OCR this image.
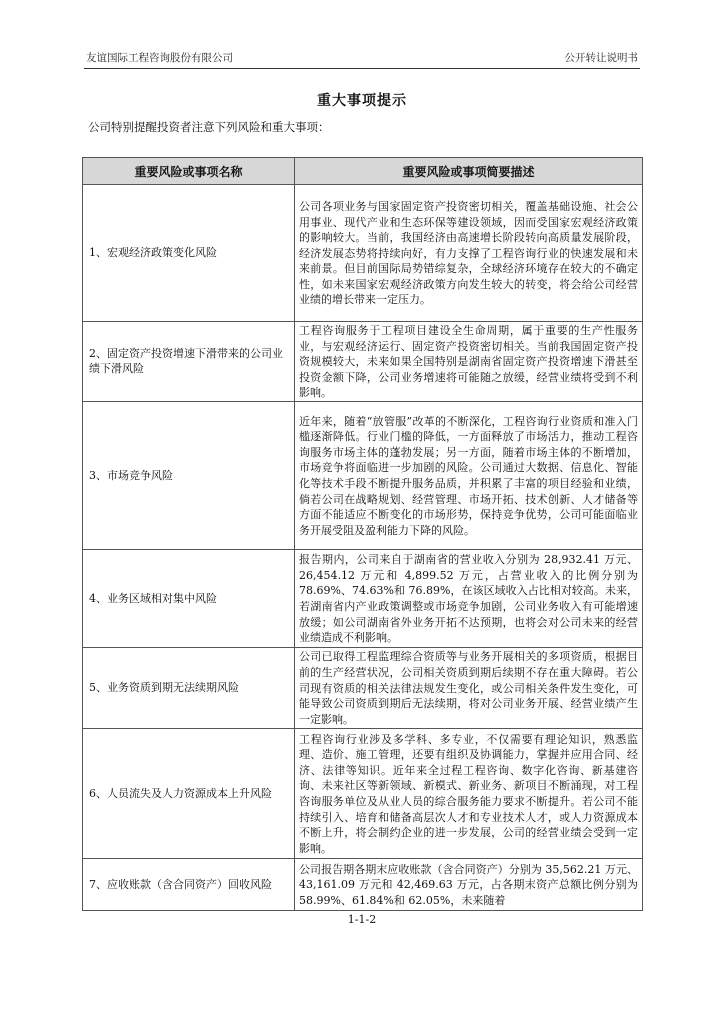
友谊国际工程咨询股份有限公司	公开转让说明书
重大事项提示
公司特别提醒投资者注意下列风险和重大事项：
重要风险或事项名称	重要风险或事项简要描述
1、宏观经济政策变化风险	公司各项业务与国家固定资产投资密切相关，覆盖基础设施、社会公用事业、现代产业和生态环保等建设领域，因而受国家宏观经济政策的影响较大。当前，我国经济由高速增长阶段转向高质量发展阶段，经济发展态势将持续向好，有力支撑了工程咨询行业的快速发展和未来前景。但目前国际局势错综复杂，全球经济环境存在较大的不确定性，如未来国家宏观经济政策方向发生较大的转变，将会给公司经营业绩的增长带来一定压力。
2、固定资产投资增速下滑带来的公司业绩下滑风险	工程咨询服务于工程项目建设全生命周期，属于重要的生产性服务业，与宏观经济运行、固定资产投资密切相关。当前我国固定资产投资规模较大，未来如果全国特别是湖南省固定资产投资增速下滑甚至投资金额下降，公司业务增速将可能随之放缓，经营业绩将受到不利影响。
3、市场竞争风险	近年来，随着“放管服”改革的不断深化，工程咨询行业资质和准入门槛逐渐降低。行业门槛的降低，一方面释放了市场活力，推动工程咨询服务市场主体的蓬勃发展；另一方面，随着市场主体的不断增加，市场竞争将面临进一步加剧的风险。公司通过大数据、信息化、智能化等技术手段不断提升服务品质，并积累了丰富的项目经验和业绩，倘若公司在战略规划、经营管理、市场开拓、技术创新、人才储备等方面不能适应不断变化的市场形势，保持竞争优势，公司可能面临业务开展受阻及盈利能力下降的风险。
4、业务区域相对集中风险	报告期内，公司来自于湖南省的营业收入分别为 28,932.41 万元、26,454.12 万元和 4,899.52 万元，占营业收入的比例分别为 78.69%、74.63%和 76.89%，在该区域收入占比相对较高。未来，若湖南省内产业政策调整或市场竞争加剧，公司业务收入有可能增速放缓；如公司湖南省外业务开拓不达预期，也将会对公司未来的经营业绩造成不利影响。
5、业务资质到期无法续期风险	公司已取得工程监理综合资质等与业务开展相关的多项资质，根据目前的生产经营状况，公司相关资质到期后续期不存在重大障碍。若公司现有资质的相关法律法规发生变化，或公司相关条件发生变化，可能导致公司资质到期后无法续期，将对公司业务开展、经营业绩产生一定影响。
6、人员流失及人力资源成本上升风险	工程咨询行业涉及多学科、多专业，不仅需要有理论知识，熟悉监理、造价、施工管理，还要有组织及协调能力，掌握并应用合同、经济、法律等知识。近年来全过程工程咨询、数字化咨询、新基建咨询、未来社区等新领域、新模式、新业务、新项目不断涌现，对工程咨询服务单位及从业人员的综合服务能力要求不断提升。若公司不能持续引入、培育和储备高层次人才和专业技术人才，或人力资源成本不断上升，将会制约企业的进一步发展，公司的经营业绩会受到一定影响。
7、应收账款（含合同资产）回收风险	公司报告期各期末应收账款（含合同资产）分别为 35,562.21 万元、43,161.09 万元和 42,469.63 万元，占各期末资产总额比例分别为 58.99%、61.84%和 62.05%，未来随着
1-1-2
